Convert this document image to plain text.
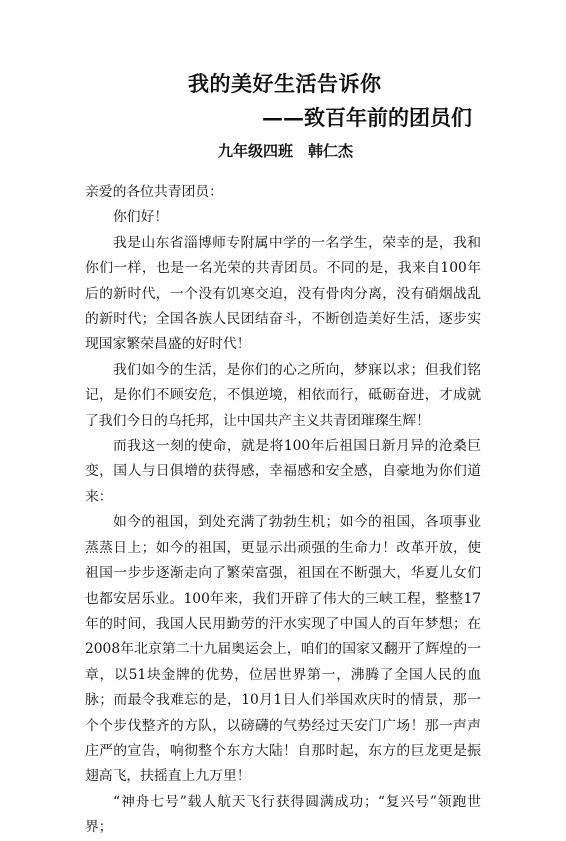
我的美好生活告诉你
——致百年前的团员们
九年级四班　韩仁杰

亲爱的各位共青团员：

你们好！

我是山东省淄博师专附属中学的一名学生，荣幸的是，我和你们一样，也是一名光荣的共青团员。不同的是，我来自100年后的新时代，一个没有饥寒交迫，没有骨肉分离，没有硝烟战乱的新时代；全国各族人民团结奋斗，不断创造美好生活，逐步实现国家繁荣昌盛的好时代！

我们如今的生活，是你们的心之所向，梦寐以求；但我们铭记，是你们不顾安危，不惧逆境，相依而行，砥砺奋进，才成就了我们今日的乌托邦，让中国共产主义共青团璀璨生辉！

而我这一刻的使命，就是将100年后祖国日新月异的沧桑巨变，国人与日俱增的获得感，幸福感和安全感，自豪地为你们道来：

如今的祖国，到处充满了勃勃生机；如今的祖国，各项事业蒸蒸日上；如今的祖国，更显示出顽强的生命力！改革开放，使祖国一步步逐渐走向了繁荣富强，祖国在不断强大，华夏儿女们也都安居乐业。100年来，我们开辟了伟大的三峡工程，整整17年的时间，我国人民用勤劳的汗水实现了中国人的百年梦想；在2008年北京第二十九届奥运会上，咱们的国家又翻开了辉煌的一章，以51块金牌的优势，位居世界第一，沸腾了全国人民的血脉；而最令我难忘的是，10月1日人们举国欢庆时的情景，那一个个步伐整齐的方队，以磅礴的气势经过天安门广场！那一声声庄严的宣告，响彻整个东方大陆！自那时起，东方的巨龙更是振翅高飞，扶摇直上九万里！

“神舟七号”载人航天飞行获得圆满成功；“复兴号”领跑世界；
